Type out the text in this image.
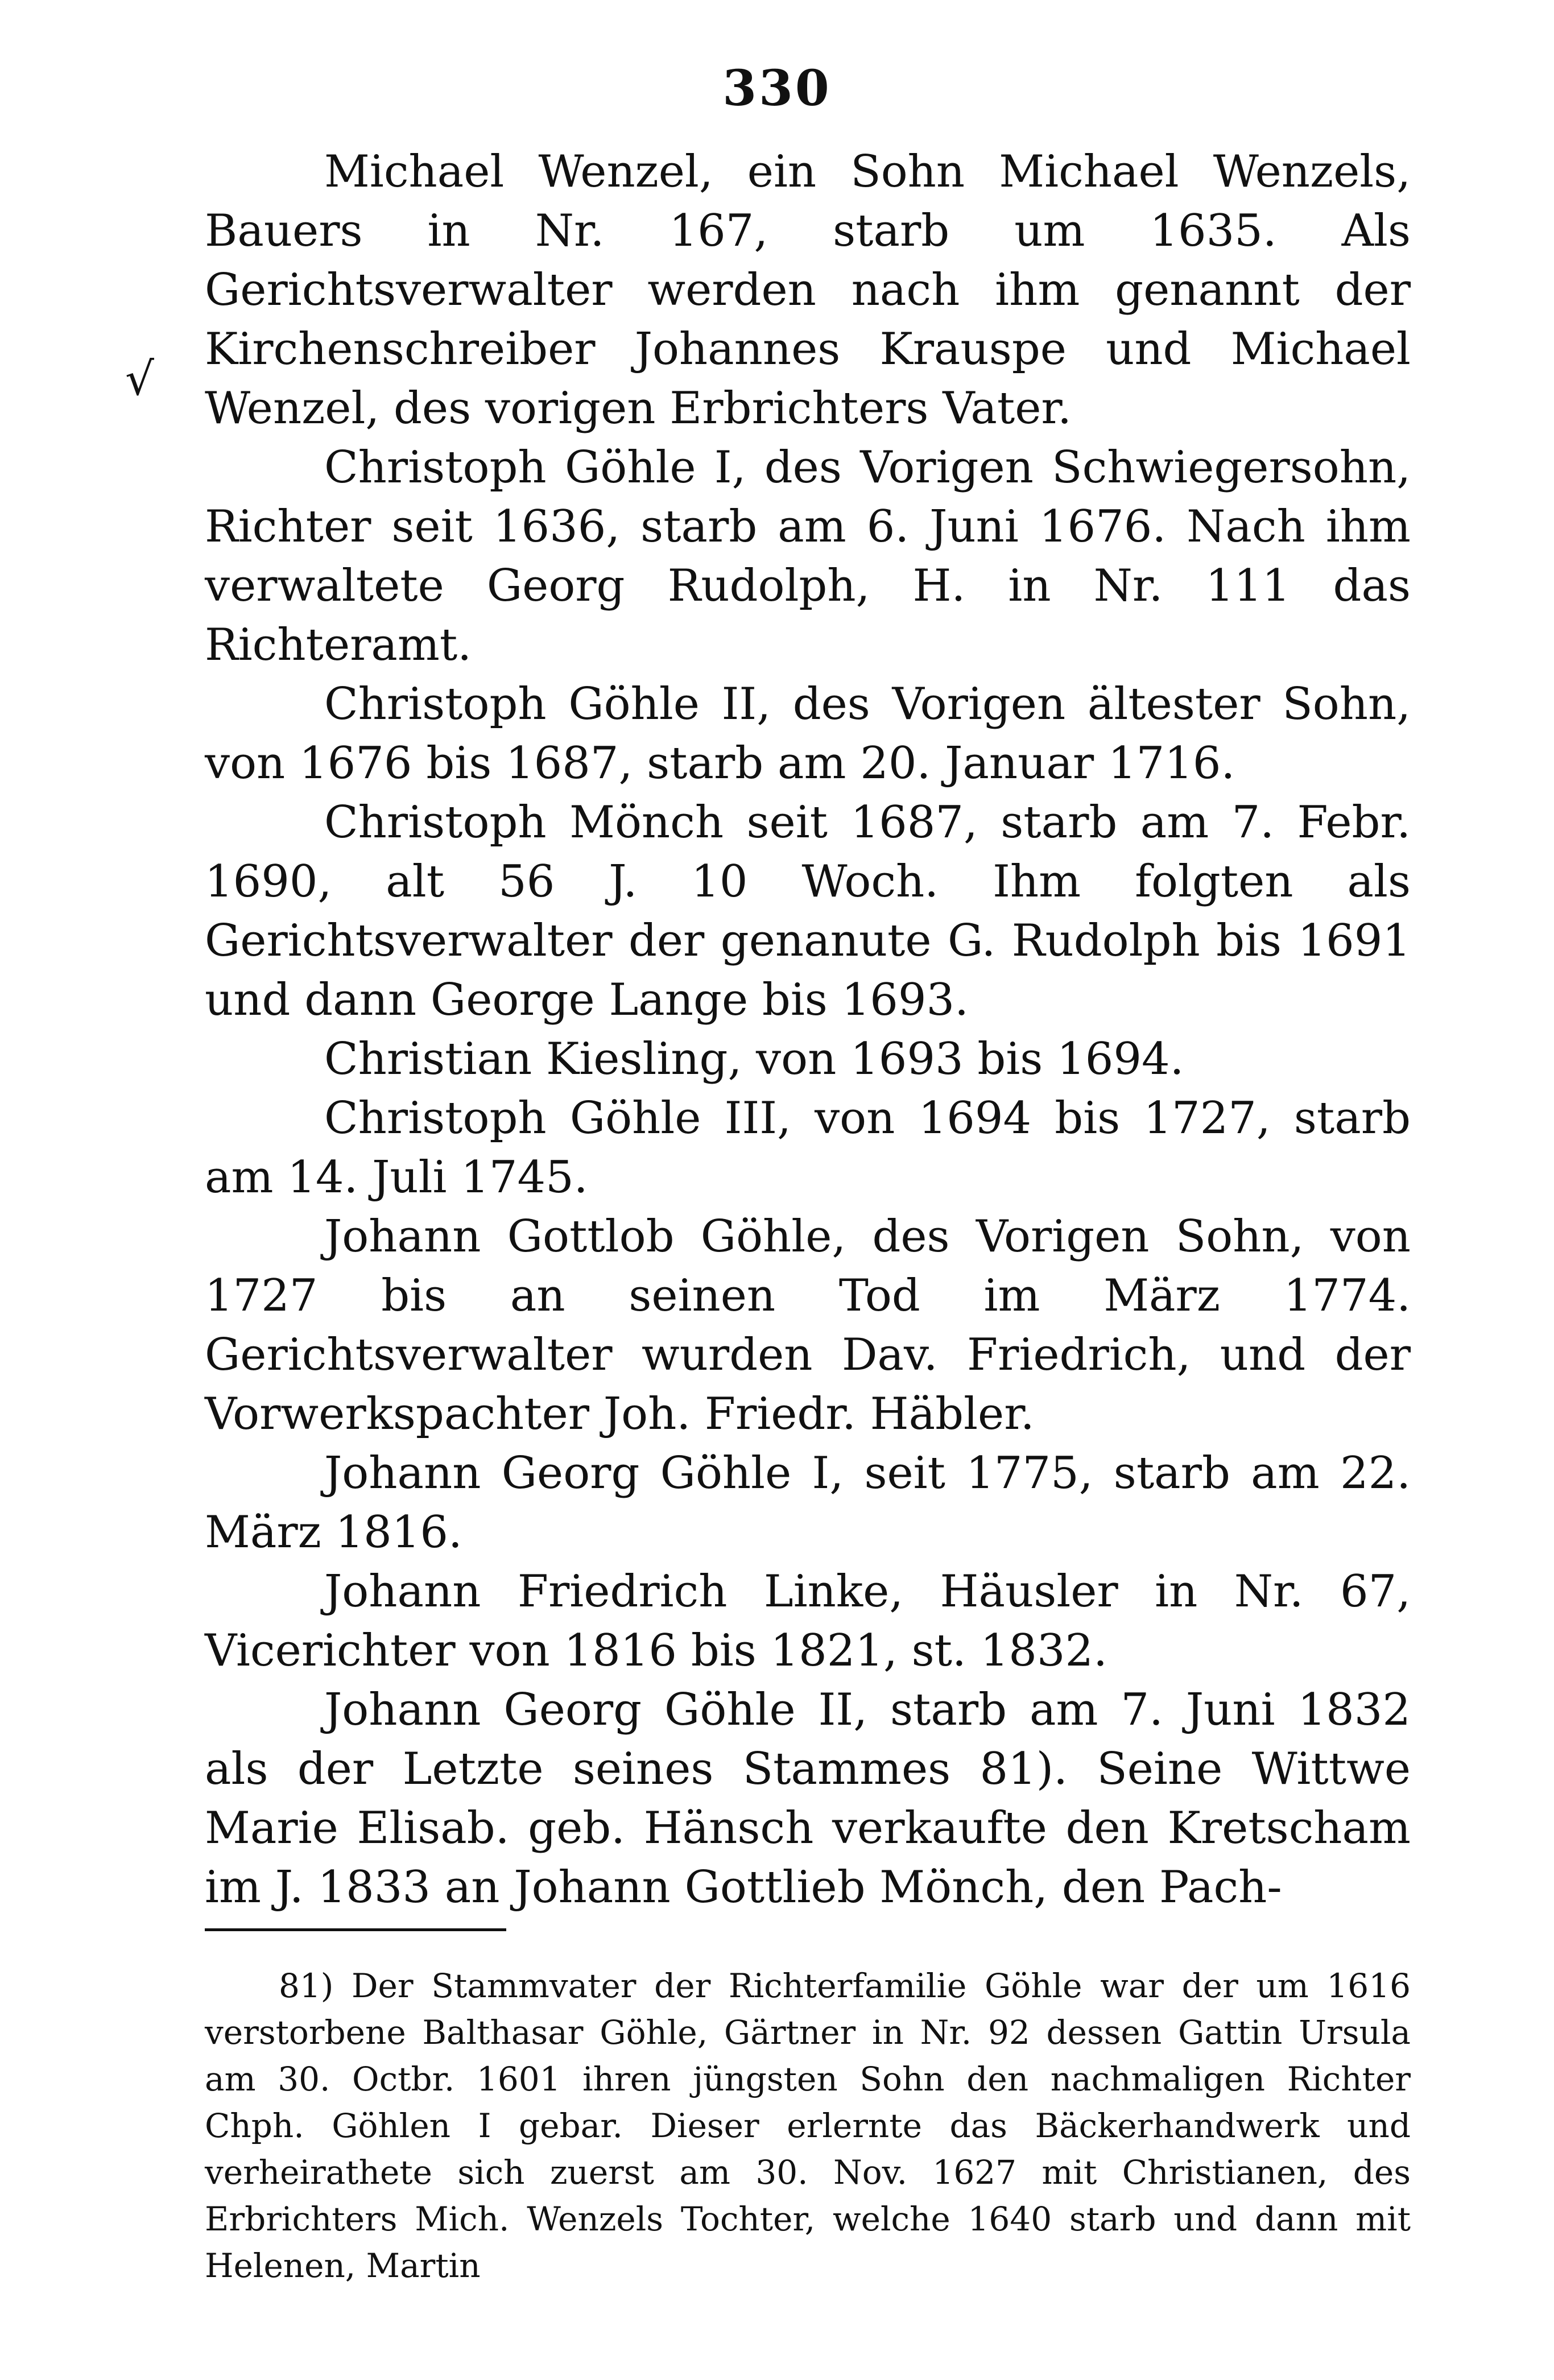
330
√

Michael Wenzel, ein Sohn Michael Wenzels, Bauers in Nr. 167, starb um 1635. Als Gerichtsverwalter werden nach ihm genannt der Kirchenschreiber Johannes Krauspe und Michael Wenzel, des vorigen Erbrichters Vater.

Christoph Göhle I, des Vorigen Schwiegersohn, Richter seit 1636, starb am 6. Juni 1676. Nach ihm verwaltete Georg Rudolph, H. in Nr. 111 das Richteramt.

Christoph Göhle II, des Vorigen ältester Sohn, von 1676 bis 1687, starb am 20. Januar 1716.

Christoph Mönch seit 1687, starb am 7. Febr. 1690, alt 56 J. 10 Woch. Ihm folgten als Gerichtsverwalter der genanute G. Rudolph bis 1691 und dann George Lange bis 1693.

Christian Kiesling, von 1693 bis 1694.

Christoph Göhle III, von 1694 bis 1727, starb am 14. Juli 1745.

Johann Gottlob Göhle, des Vorigen Sohn, von 1727 bis an seinen Tod im März 1774. Gerichtsverwalter wurden Dav. Friedrich, und der Vorwerkspachter Joh. Friedr. Häbler.

Johann Georg Göhle I, seit 1775, starb am 22. März 1816.

Johann Friedrich Linke, Häusler in Nr. 67, Vicerichter von 1816 bis 1821, st. 1832.

Johann Georg Göhle II, starb am 7. Juni 1832 als der Letzte seines Stammes 81). Seine Wittwe Marie Elisab. geb. Hänsch verkaufte den Kretscham im J. 1833 an Johann Gottlieb Mönch, den Pach-

81) Der Stammvater der Richterfamilie Göhle war der um 1616 verstorbene Balthasar Göhle, Gärtner in Nr. 92 dessen Gattin Ursula am 30. Octbr. 1601 ihren jüngsten Sohn den nachmaligen Richter Chph. Göhlen I gebar. Dieser erlernte das Bäckerhandwerk und verheirathete sich zuerst am 30. Nov. 1627 mit Christianen, des Erbrichters Mich. Wenzels Tochter, welche 1640 starb und dann mit Helenen, Martin
